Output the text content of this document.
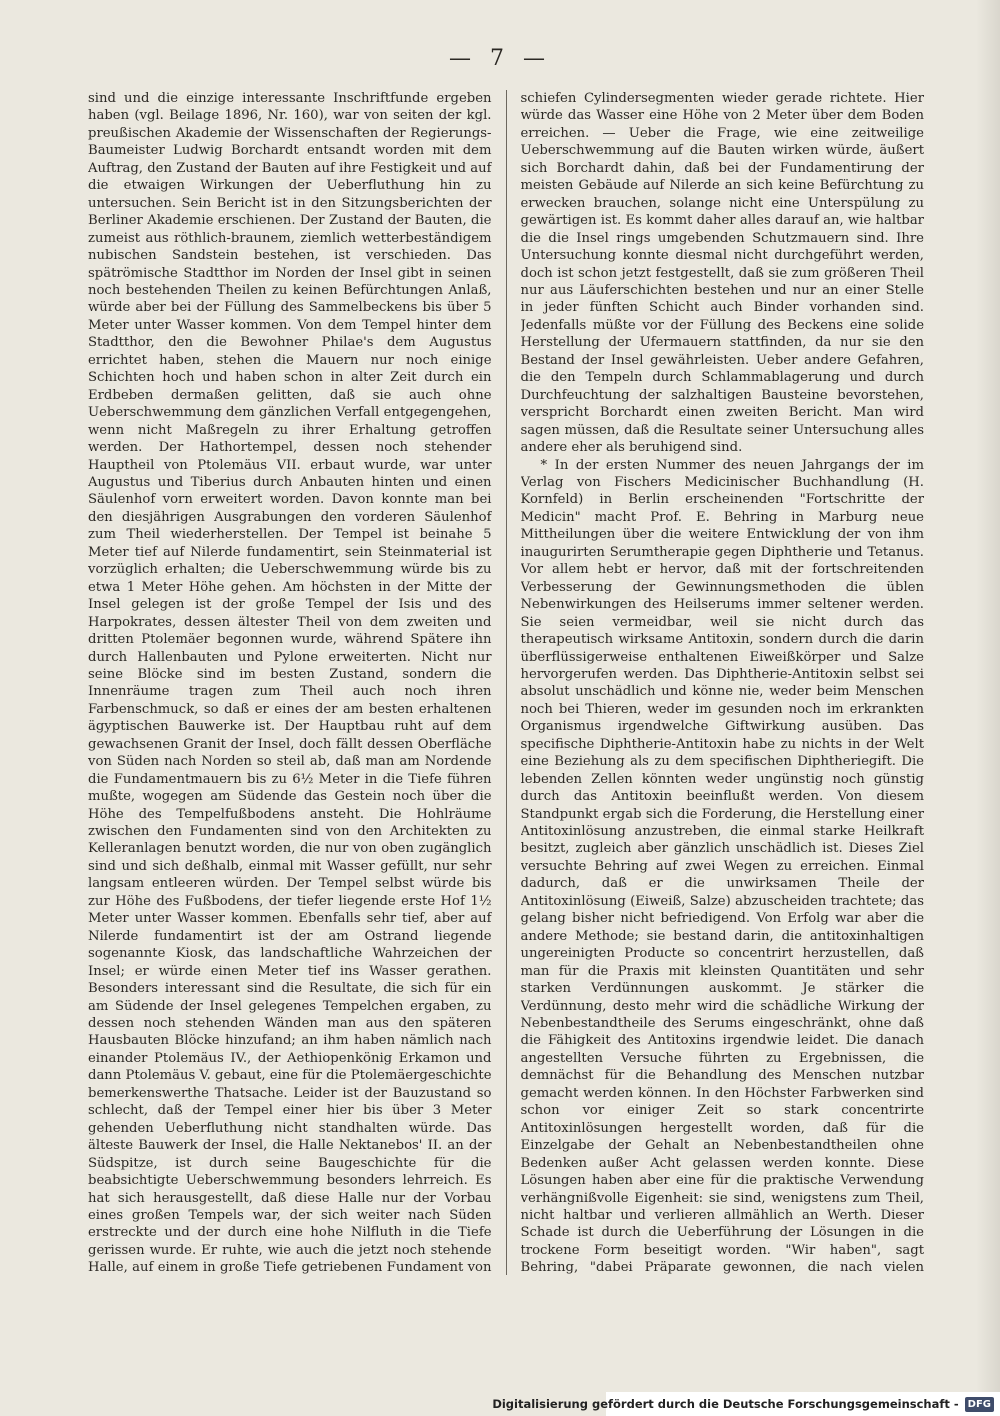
— 7 —

sind und die einzige interessante Inschriftfunde ergeben haben (vgl. Beilage 1896, Nr. 160), war von seiten der kgl. preußischen Akademie der Wissenschaften der Regierungs-Baumeister Ludwig Borchardt entsandt worden mit dem Auftrag, den Zustand der Bauten auf ihre Festigkeit und auf die etwaigen Wirkungen der Ueberfluthung hin zu untersuchen. Sein Bericht ist in den Sitzungsberichten der Berliner Akademie erschienen. Der Zustand der Bauten, die zumeist aus röthlich-braunem, ziemlich wetterbeständigem nubischen Sandstein bestehen, ist verschieden. Das spätrömische Stadtthor im Norden der Insel gibt in seinen noch bestehenden Theilen zu keinen Befürchtungen Anlaß, würde aber bei der Füllung des Sammelbeckens bis über 5 Meter unter Wasser kommen. Von dem Tempel hinter dem Stadtthor, den die Bewohner Philae's dem Augustus errichtet haben, stehen die Mauern nur noch einige Schichten hoch und haben schon in alter Zeit durch ein Erdbeben dermaßen gelitten, daß sie auch ohne Ueberschwemmung dem gänzlichen Verfall entgegengehen, wenn nicht Maßregeln zu ihrer Erhaltung getroffen werden. Der Hathortempel, dessen noch stehender Hauptheil von Ptolemäus VII. erbaut wurde, war unter Augustus und Tiberius durch Anbauten hinten und einen Säulenhof vorn erweitert worden. Davon konnte man bei den diesjährigen Ausgrabungen den vorderen Säulenhof zum Theil wiederherstellen. Der Tempel ist beinahe 5 Meter tief auf Nilerde fundamentirt, sein Steinmaterial ist vorzüglich erhalten; die Ueberschwemmung würde bis zu etwa 1 Meter Höhe gehen. Am höchsten in der Mitte der Insel gelegen ist der große Tempel der Isis und des Harpokrates, dessen ältester Theil von dem zweiten und dritten Ptolemäer begonnen wurde, während Spätere ihn durch Hallenbauten und Pylone erweiterten. Nicht nur seine Blöcke sind im besten Zustand, sondern die Innenräume tragen zum Theil auch noch ihren Farbenschmuck, so daß er eines der am besten erhaltenen ägyptischen Bauwerke ist. Der Hauptbau ruht auf dem gewachsenen Granit der Insel, doch fällt dessen Oberfläche von Süden nach Norden so steil ab, daß man am Nordende die Fundamentmauern bis zu 6½ Meter in die Tiefe führen mußte, wogegen am Südende das Gestein noch über die Höhe des Tempelfußbodens ansteht. Die Hohlräume zwischen den Fundamenten sind von den Architekten zu Kelleranlagen benutzt worden, die nur von oben zugänglich sind und sich deßhalb, einmal mit Wasser gefüllt, nur sehr langsam entleeren würden. Der Tempel selbst würde bis zur Höhe des Fußbodens, der tiefer liegende erste Hof 1½ Meter unter Wasser kommen. Ebenfalls sehr tief, aber auf Nilerde fundamentirt ist der am Ostrand liegende sogenannte Kiosk, das landschaftliche Wahrzeichen der Insel; er würde einen Meter tief ins Wasser gerathen. Besonders interessant sind die Resultate, die sich für ein am Südende der Insel gelegenes Tempelchen ergaben, zu dessen noch stehenden Wänden man aus den späteren Hausbauten Blöcke hinzufand; an ihm haben nämlich nach einander Ptolemäus IV., der Aethiopenkönig Erkamon und dann Ptolemäus V. gebaut, eine für die Ptolemäergeschichte bemerkenswerthe Thatsache. Leider ist der Bauzustand so schlecht, daß der Tempel einer hier bis über 3 Meter gehenden Ueberfluthung nicht standhalten würde. Das älteste Bauwerk der Insel, die Halle Nektanebos' II. an der Südspitze, ist durch seine Baugeschichte für die beabsichtigte Ueberschwemmung besonders lehrreich. Es hat sich herausgestellt, daß diese Halle nur der Vorbau eines großen Tempels war, der sich weiter nach Süden erstreckte und der durch eine hohe Nilfluth in die Tiefe gerissen wurde. Er ruhte, wie auch die jetzt noch stehende Halle, auf einem in große Tiefe getriebenen Fundament von

schiefen Cylindersegmenten wieder gerade richtete. Hier würde das Wasser eine Höhe von 2 Meter über dem Boden erreichen. — Ueber die Frage, wie eine zeitweilige Ueberschwemmung auf die Bauten wirken würde, äußert sich Borchardt dahin, daß bei der Fundamentirung der meisten Gebäude auf Nilerde an sich keine Befürchtung zu erwecken brauchen, solange nicht eine Unterspülung zu gewärtigen ist. Es kommt daher alles darauf an, wie haltbar die die Insel rings umgebenden Schutzmauern sind. Ihre Untersuchung konnte diesmal nicht durchgeführt werden, doch ist schon jetzt festgestellt, daß sie zum größeren Theil nur aus Läuferschichten bestehen und nur an einer Stelle in jeder fünften Schicht auch Binder vorhanden sind. Jedenfalls müßte vor der Füllung des Beckens eine solide Herstellung der Ufermauern stattfinden, da nur sie den Bestand der Insel gewährleisten. Ueber andere Gefahren, die den Tempeln durch Schlammablagerung und durch Durchfeuchtung der salzhaltigen Bausteine bevorstehen, verspricht Borchardt einen zweiten Bericht. Man wird sagen müssen, daß die Resultate seiner Untersuchung alles andere eher als beruhigend sind.

* In der ersten Nummer des neuen Jahrgangs der im Verlag von Fischers Medicinischer Buchhandlung (H. Kornfeld) in Berlin erscheinenden "Fortschritte der Medicin" macht Prof. E. Behring in Marburg neue Mittheilungen über die weitere Entwicklung der von ihm inaugurirten Serumtherapie gegen Diphtherie und Tetanus. Vor allem hebt er hervor, daß mit der fortschreitenden Verbesserung der Gewinnungsmethoden die üblen Nebenwirkungen des Heilserums immer seltener werden. Sie seien vermeidbar, weil sie nicht durch das therapeutisch wirksame Antitoxin, sondern durch die darin überflüssigerweise enthaltenen Eiweißkörper und Salze hervorgerufen werden. Das Diphtherie-Antitoxin selbst sei absolut unschädlich und könne nie, weder beim Menschen noch bei Thieren, weder im gesunden noch im erkrankten Organismus irgendwelche Giftwirkung ausüben. Das specifische Diphtherie-Antitoxin habe zu nichts in der Welt eine Beziehung als zu dem specifischen Diphtheriegift. Die lebenden Zellen könnten weder ungünstig noch günstig durch das Antitoxin beeinflußt werden. Von diesem Standpunkt ergab sich die Forderung, die Herstellung einer Antitoxinlösung anzustreben, die einmal starke Heilkraft besitzt, zugleich aber gänzlich unschädlich ist. Dieses Ziel versuchte Behring auf zwei Wegen zu erreichen. Einmal dadurch, daß er die unwirksamen Theile der Antitoxinlösung (Eiweiß, Salze) abzuscheiden trachtete; das gelang bisher nicht befriedigend. Von Erfolg war aber die andere Methode; sie bestand darin, die antitoxinhaltigen ungereinigten Producte so concentrirt herzustellen, daß man für die Praxis mit kleinsten Quantitäten und sehr starken Verdünnungen auskommt. Je stärker die Verdünnung, desto mehr wird die schädliche Wirkung der Nebenbestandtheile des Serums eingeschränkt, ohne daß die Fähigkeit des Antitoxins irgendwie leidet. Die danach angestellten Versuche führten zu Ergebnissen, die demnächst für die Behandlung des Menschen nutzbar gemacht werden können. In den Höchster Farbwerken sind schon vor einiger Zeit so stark concentrirte Antitoxinlösungen hergestellt worden, daß für die Einzelgabe der Gehalt an Nebenbestandtheilen ohne Bedenken außer Acht gelassen werden konnte. Diese Lösungen haben aber eine für die praktische Verwendung verhängnißvolle Eigenheit: sie sind, wenigstens zum Theil, nicht haltbar und verlieren allmählich an Werth. Dieser Schade ist durch die Ueberführung der Lösungen in die trockene Form beseitigt worden. "Wir haben", sagt Behring, "dabei Präparate gewonnen, die nach vielen

Digitalisierung gefördert durch die Deutsche Forschungsgemeinschaft - DFG
